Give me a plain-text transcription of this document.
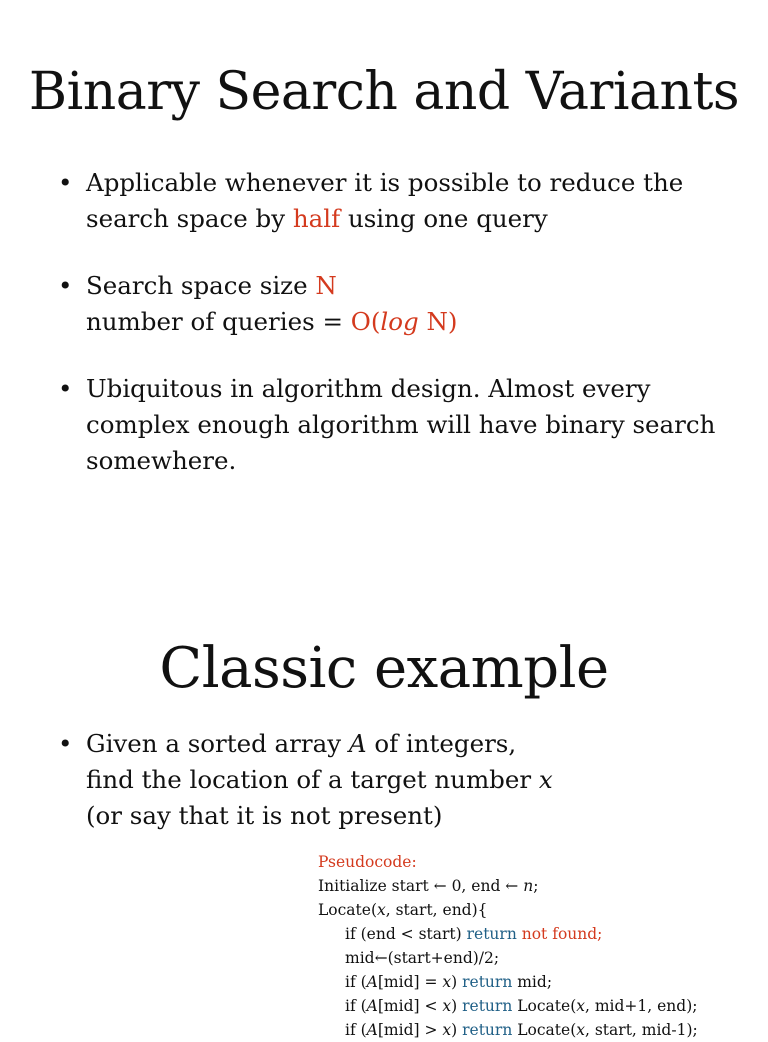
Binary Search and Variants
• Applicable whenever it is possible to reduce the search space by half using one query
• Search space size N
number of queries = O(log N)
• Ubiquitous in algorithm design. Almost every complex enough algorithm will have binary search somewhere.
Classic example
• Given a sorted array A of integers,
find the location of a target number x
(or say that it is not present)
Pseudocode:
Initialize start ← 0, end ← n;
Locate(x, start, end){
if (end < start) return not found;
mid←(start+end)/2;
if (A[mid] = x) return mid;
if (A[mid] < x) return Locate(x, mid+1, end);
if (A[mid] > x) return Locate(x, start, mid-1);
